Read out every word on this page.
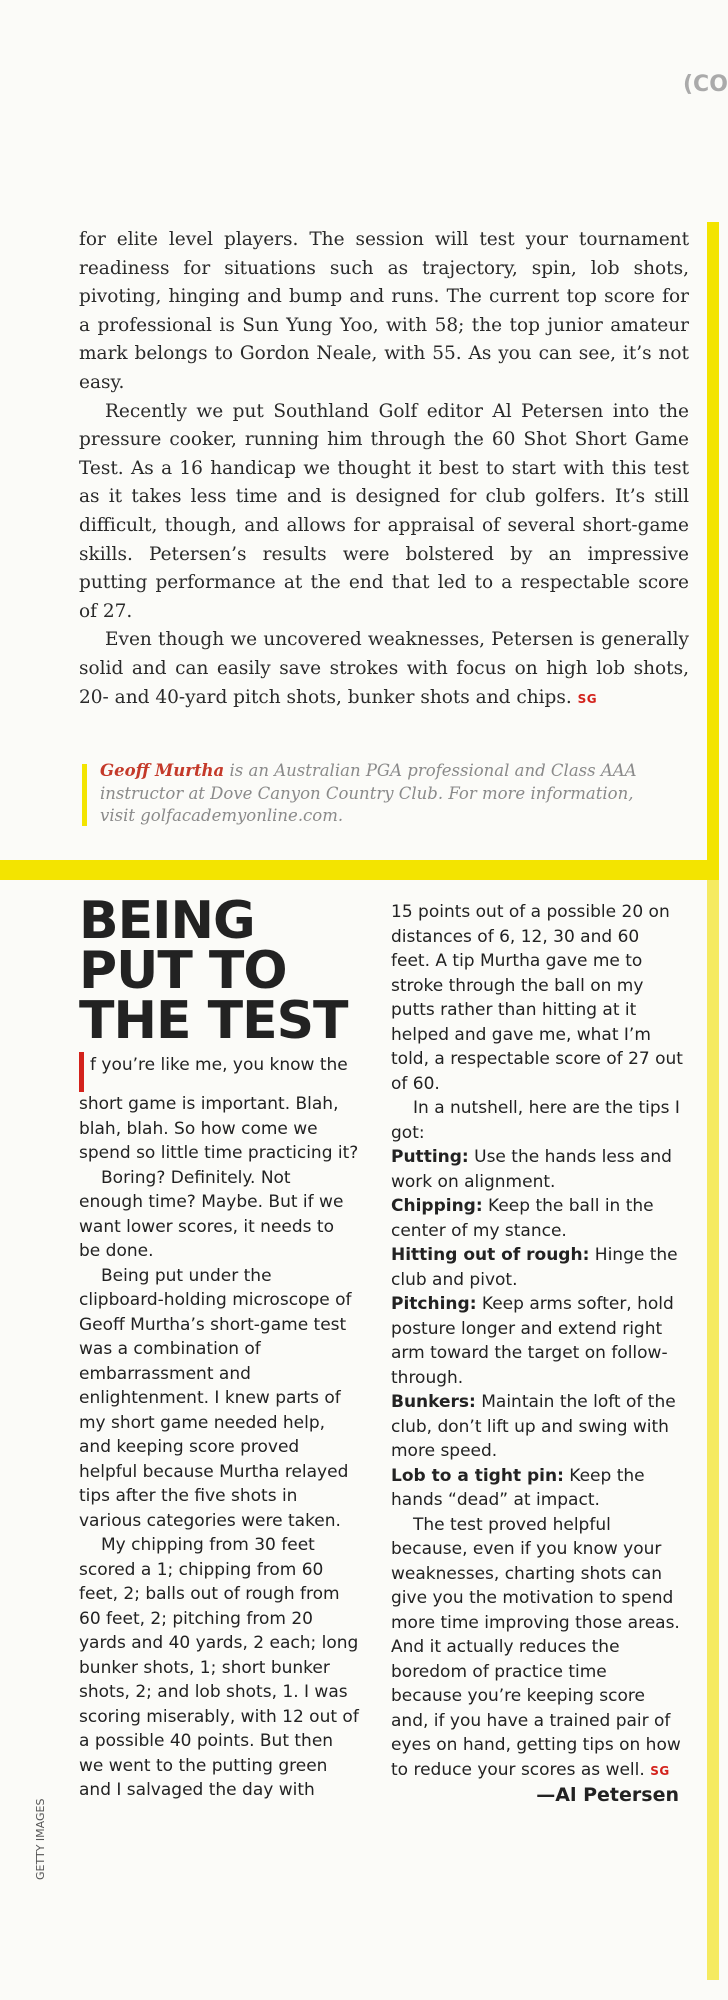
(CO

for elite level players. The session will test your tournament readiness for situations such as trajectory, spin, lob shots, pivoting, hinging and bump and runs. The current top score for a professional is Sun Yung Yoo, with 58; the top junior amateur mark belongs to Gordon Neale, with 55. As you can see, it’s not easy.

Recently we put Southland Golf editor Al Petersen into the pressure cooker, running him through the 60 Shot Short Game Test. As a 16 handicap we thought it best to start with this test as it takes less time and is designed for club golfers. It’s still difficult, though, and allows for appraisal of several short-game skills. Petersen’s results were bolstered by an impressive putting performance at the end that led to a respectable score of 27.

Even though we uncovered weaknesses, Petersen is generally solid and can easily save strokes with focus on high lob shots, 20- and 40-yard pitch shots, bunker shots and chips. SG

Geoff Murtha is an Australian PGA professional and Class AAA instructor at Dove Canyon Country Club. For more information, visit golfacademyonline.com.
BEING
PUT TO
THE TEST

f you’re like me, you know the short game is important. Blah, blah, blah. So how come we spend so little time practicing it?

Boring? Definitely. Not enough time? Maybe. But if we want lower scores, it needs to be done.

Being put under the clipboard-holding microscope of Geoff Murtha’s short-game test was a combination of embarrassment and enlightenment. I knew parts of my short game needed help, and keeping score proved helpful because Murtha relayed tips after the five shots in various categories were taken.

My chipping from 30 feet scored a 1; chipping from 60 feet, 2; balls out of rough from 60 feet, 2; pitching from 20 yards and 40 yards, 2 each; long bunker shots, 1; short bunker shots, 2; and lob shots, 1. I was scoring miserably, with 12 out of a possible 40 points. But then we went to the putting green and I salvaged the day with

15 points out of a possible 20 on distances of 6, 12, 30 and 60 feet. A tip Murtha gave me to stroke through the ball on my putts rather than hitting at it helped and gave me, what I’m told, a respectable score of 27 out of 60.

In a nutshell, here are the tips I got:

Putting: Use the hands less and work on alignment.

Chipping: Keep the ball in the center of my stance.

Hitting out of rough: Hinge the club and pivot.

Pitching: Keep arms softer, hold posture longer and extend right arm toward the target on follow-through.

Bunkers: Maintain the loft of the club, don’t lift up and swing with more speed.

Lob to a tight pin: Keep the hands “dead” at impact.

The test proved helpful because, even if you know your weaknesses, charting shots can give you the motivation to spend more time improving those areas. And it actually reduces the boredom of practice time because you’re keeping score and, if you have a trained pair of eyes on hand, getting tips on how to reduce your scores as well. SG

—Al Petersen
GETTY IMAGES
